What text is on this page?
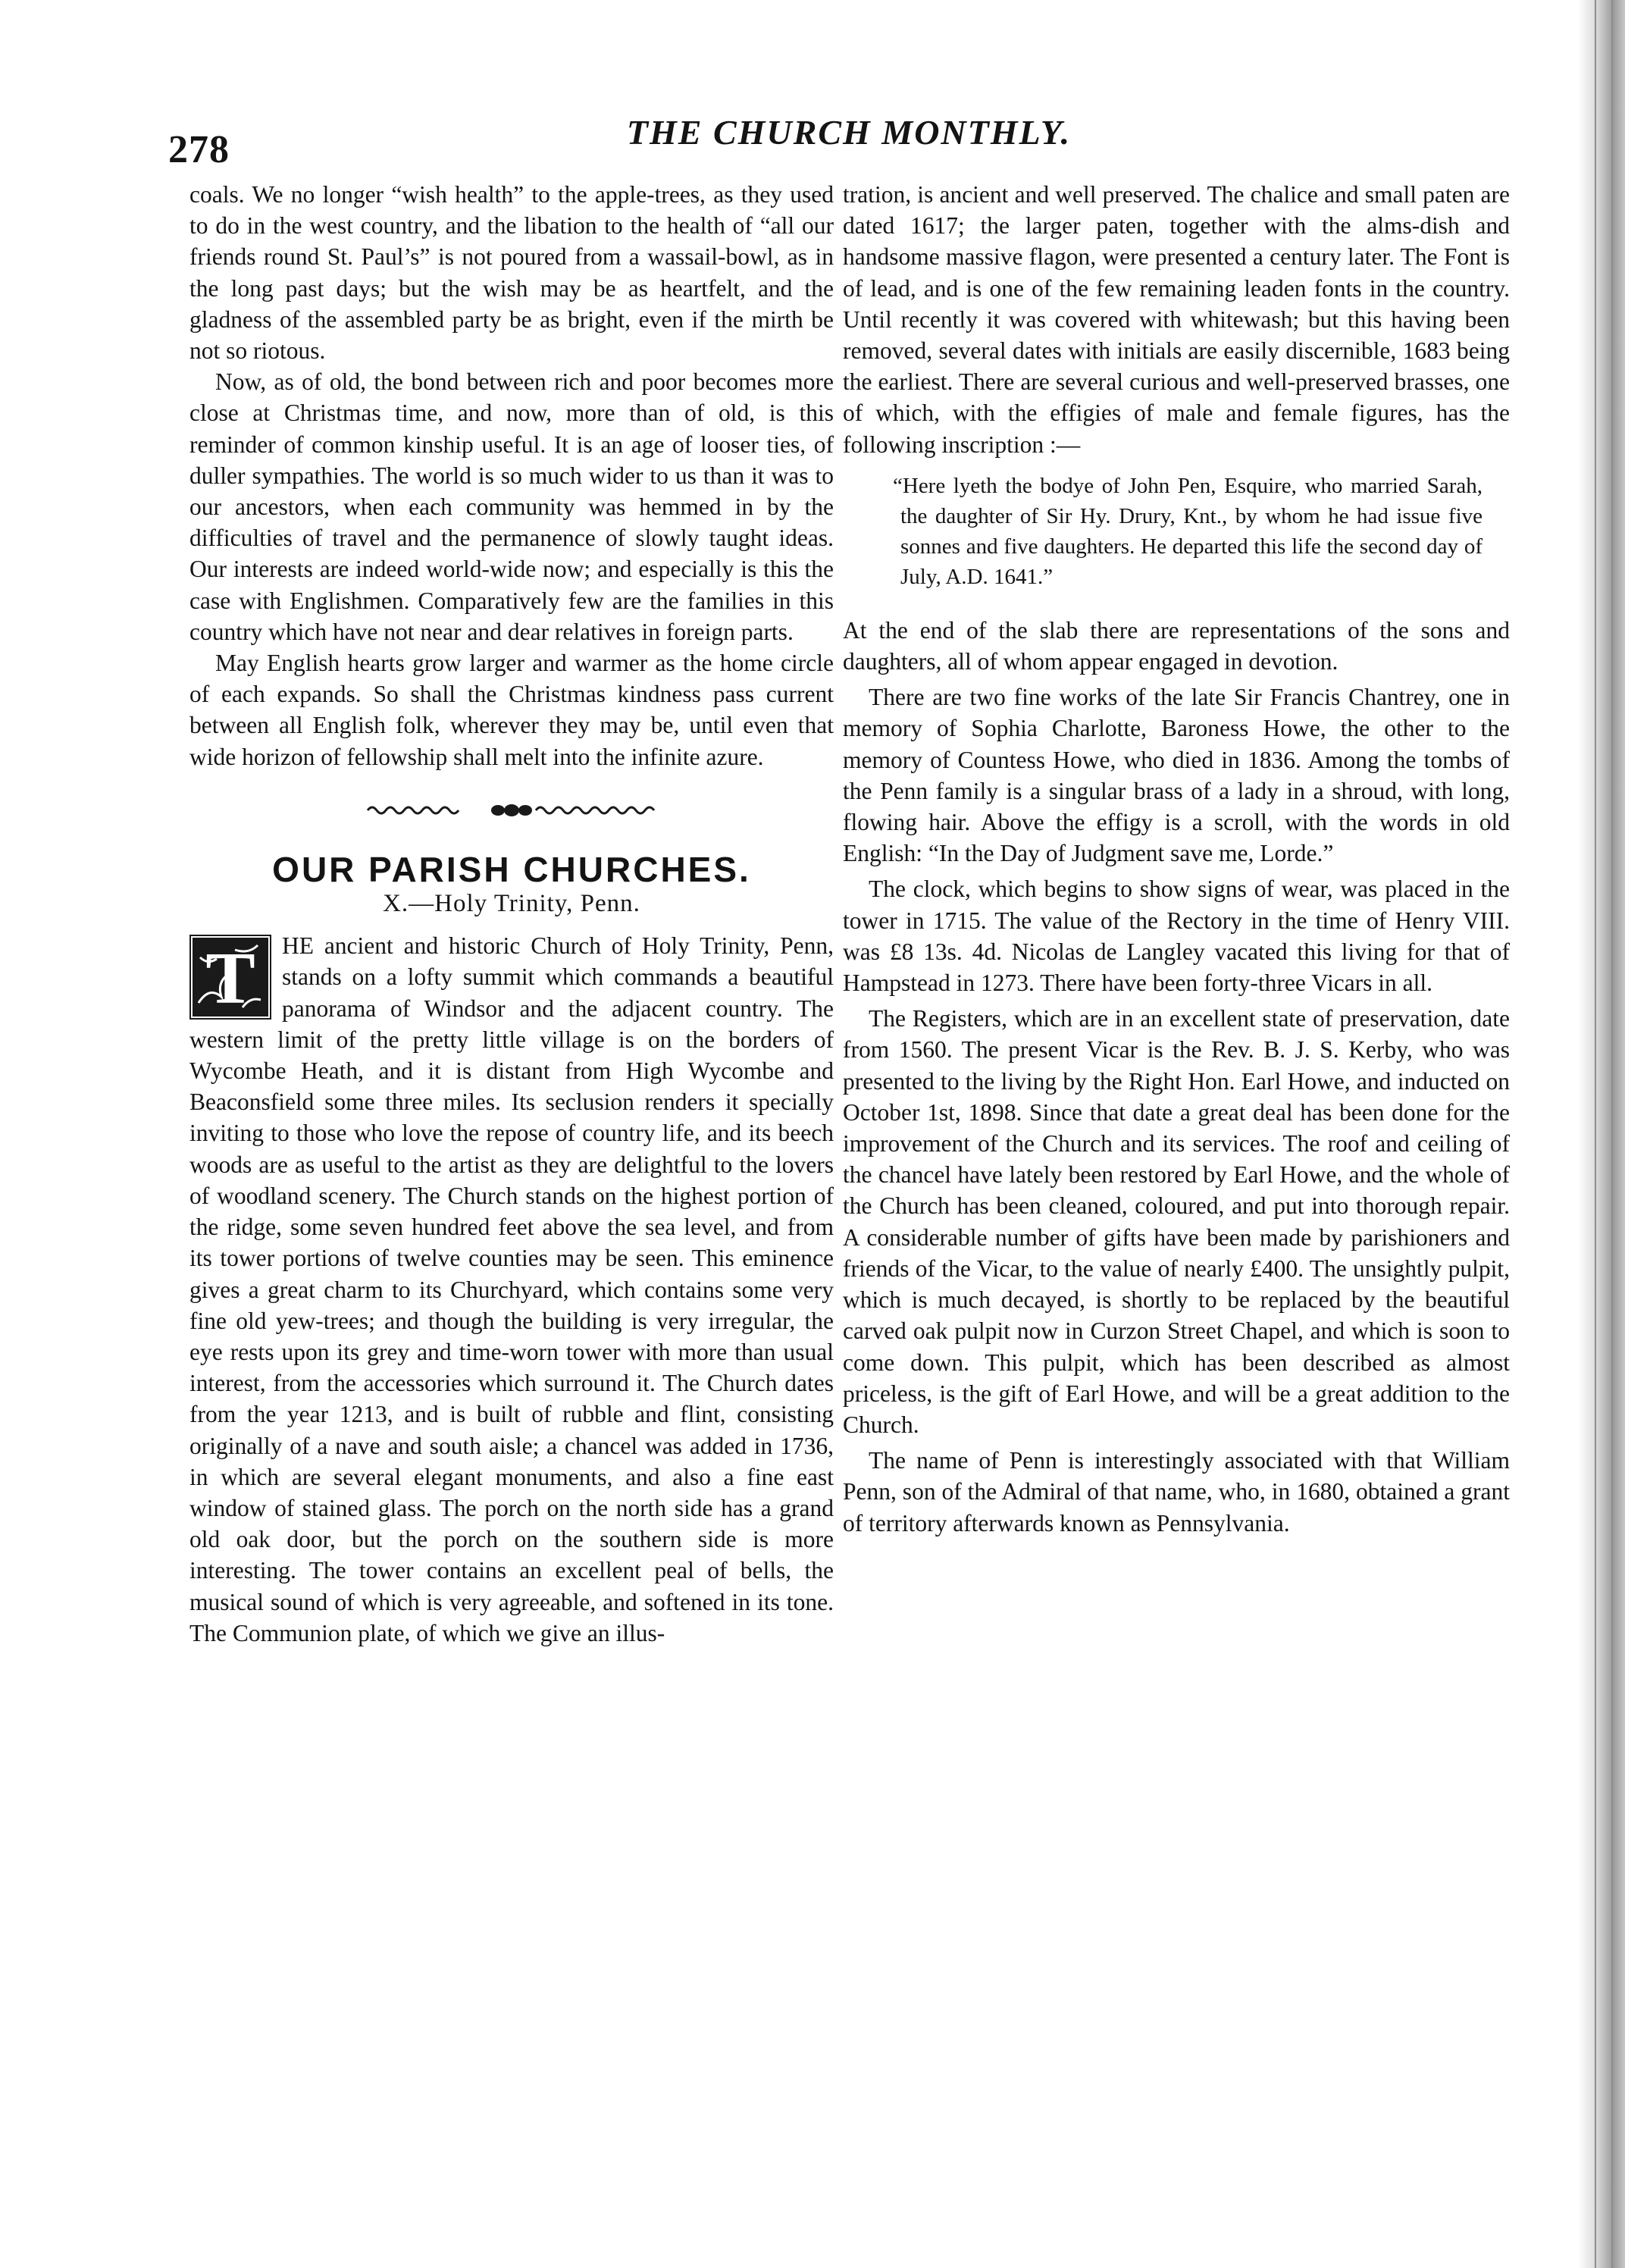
278	THE CHURCH MONTHLY.

coals. We no longer “wish health” to the apple-trees, as they used to do in the west country, and the libation to the health of “all our friends round St. Paul’s” is not poured from a wassail-bowl, as in the long past days; but the wish may be as heartfelt, and the gladness of the assembled party be as bright, even if the mirth be not so riotous.

Now, as of old, the bond between rich and poor becomes more close at Christmas time, and now, more than of old, is this reminder of common kinship useful. It is an age of looser ties, of duller sympathies. The world is so much wider to us than it was to our ancestors, when each community was hemmed in by the difficulties of travel and the permanence of slowly taught ideas. Our interests are indeed world-wide now; and especially is this the case with Englishmen. Comparatively few are the families in this country which have not near and dear relatives in foreign parts.

May English hearts grow larger and warmer as the home circle of each expands. So shall the Christmas kindness pass current between all English folk, wherever they may be, until even that wide horizon of fellowship shall melt into the infinite azure.

OUR PARISH CHURCHES.
X.—Holy Trinity, Penn.

T	HE ancient and historic Church of Holy Trinity, Penn, stands on a lofty summit which commands a beautiful panorama of Windsor and the adjacent country. The western limit of the pretty little village is on the borders of Wycombe Heath, and it is distant from High Wycombe and Beaconsfield some three miles. Its seclusion renders it specially inviting to those who love the repose of country life, and its beech woods are as useful to the artist as they are delightful to the lovers of woodland scenery. The Church stands on the highest portion of the ridge, some seven hundred feet above the sea level, and from its tower portions of twelve counties may be seen. This eminence gives a great charm to its Churchyard, which contains some very fine old yew-trees; and though the building is very irregular, the eye rests upon its grey and time-worn tower with more than usual interest, from the accessories which surround it. The Church dates from the year 1213, and is built of rubble and flint, consisting originally of a nave and south aisle; a chancel was added in 1736, in which are several elegant monuments, and also a fine east window of stained glass. The porch on the north side has a grand old oak door, but the porch on the southern side is more interesting. The tower contains an excellent peal of bells, the musical sound of which is very agreeable, and softened in its tone. The Communion plate, of which we give an illus-

tration, is ancient and well preserved. The chalice and small paten are dated 1617; the larger paten, together with the alms-dish and handsome massive flagon, were presented a century later. The Font is of lead, and is one of the few remaining leaden fonts in the country. Until recently it was covered with whitewash; but this having been removed, several dates with initials are easily discernible, 1683 being the earliest. There are several curious and well-preserved brasses, one of which, with the effigies of male and female figures, has the following inscription :—

“Here lyeth the bodye of John Pen, Esquire, who married Sarah, the daughter of Sir Hy. Drury, Knt., by whom he had issue five sonnes and five daughters. He departed this life the second day of July, A.D. 1641.”

At the end of the slab there are representations of the sons and daughters, all of whom appear engaged in devotion.

There are two fine works of the late Sir Francis Chantrey, one in memory of Sophia Charlotte, Baroness Howe, the other to the memory of Countess Howe, who died in 1836. Among the tombs of the Penn family is a singular brass of a lady in a shroud, with long, flowing hair. Above the effigy is a scroll, with the words in old English: “In the Day of Judgment save me, Lorde.”

The clock, which begins to show signs of wear, was placed in the tower in 1715. The value of the Rectory in the time of Henry VIII. was £8 13s. 4d. Nicolas de Langley vacated this living for that of Hampstead in 1273. There have been forty-three Vicars in all.

The Registers, which are in an excellent state of preservation, date from 1560. The present Vicar is the Rev. B. J. S. Kerby, who was presented to the living by the Right Hon. Earl Howe, and inducted on October 1st, 1898. Since that date a great deal has been done for the improvement of the Church and its services. The roof and ceiling of the chancel have lately been restored by Earl Howe, and the whole of the Church has been cleaned, coloured, and put into thorough repair. A considerable number of gifts have been made by parishioners and friends of the Vicar, to the value of nearly £400. The unsightly pulpit, which is much decayed, is shortly to be replaced by the beautiful carved oak pulpit now in Curzon Street Chapel, and which is soon to come down. This pulpit, which has been described as almost priceless, is the gift of Earl Howe, and will be a great addition to the Church.

The name of Penn is interestingly associated with that William Penn, son of the Admiral of that name, who, in 1680, obtained a grant of territory afterwards known as Pennsylvania.
